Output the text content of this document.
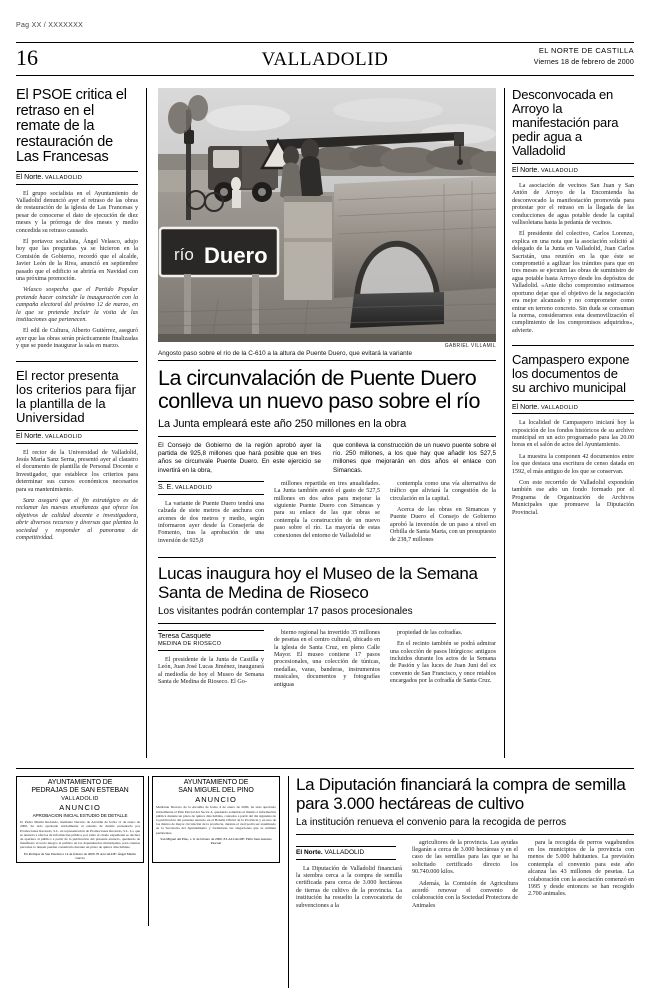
Pag XX / XXXXXXX
16	VALLADOLID	EL NORTE DE CASTILLA
Viernes 18 de febrero de 2000
El PSOE critica el retraso en el remate de la restauración de Las Francesas
El Norte. VALLADOLID

El grupo socialista en el Ayuntamiento de Valladolid denunció ayer el retraso de las obras de restauración de la iglesia de Las Francesas y pesar de conocerse el dato de ejecución de diez meses y la prórroga de dos meses y medio concedida su retraso causado.

El portavoz socialista, Ángel Velasco, adujo hoy que las preguntas ya se hicieron en la Comisión de Gobierno, recordó que el alcalde, Javier León de la Riva, anunció en septiembre pasado que el edificio se abriría en Navidad con una próxima promoción.

Velasco sospecha que el Partido Popular pretende hacer coincidir la inauguración con la campaña electoral del próximo 12 de marzo, en la que se pretende incluir la visita de las instituciones que pertenecen.

El edil de Cultura, Alberto Gutiérrez, aseguró ayer que las obras serán prácticamente finalizadas y que se puede inaugurar la sala en marzo.

El rector presenta los criterios para fijar la plantilla de la Universidad
El Norte. VALLADOLID

El rector de la Universidad de Valladolid, Jesús María Sanz Serna, presentó ayer al claustro el documento de plantilla de Personal Docente e Investigador, que establece los criterios para determinar sus cursos económicos necesarios para su mantenimiento.

Sanz aseguró que el fin estratégico es de reclamar las nuevas enseñanzas que ofrece los objetivos de calidad docente e investigadora, abrir diversos recursos y diversas que plantea la sociedad y responder al panorama de competitividad.

Desconvocada en Arroyo la manifestación para pedir agua a Valladolid
El Norte. VALLADOLID

La asociación de vecinos San Juan y San Antón de Arroyo de la Encomienda ha desconvocado la manifestación promovida para protestar por el retraso en la llegada de las conducciones de agua potable desde la capital vallisoletana hasta la pedanía de vecinos.

El presidente del colectivo, Carlos Lorenzo, explica en una nota que la asociación solicitó al delegado de la Junta en Valladolid, Juan Carlos Sacristán, una reunión en la que éste se comprometió a agilizar los trámites para que en tres meses se ejecuten las obras de suministro de agua potable hasta Arroyo desde los depósitos de Valladolid. «Ante dicho compromiso estimamos oportuno dejar que el objetivo de la negociación era mejor alcanzado y no comprometer como entrar en terreno concreto. Sin duda se consuman la norma, considerarnos esta desmovilización el cumplimiento de los compromisos adquiridos», advierte.

Campaspero expone los documentos de su archivo municipal
El Norte. VALLADOLID

La localidad de Campaspero iniciará hoy la exposición de los fondos históricos de su archivo municipal en un acto programado para las 20.00 horas en el salón de actos del Ayuntamiento.

La muestra la componen 42 documentos entre los que destaca una escritura de censo datada en 1592, el más antiguo de los que se conservan.

Con este recorrido de Valladolid expondrán también ese año un fondo formado por el Programa de Organización de Archivos Municipales que promueve la Diputación Provincial.

río Duero
GABRIEL VILLAMIL
Angosto paso sobre el río de la C-610 a la altura de Puente Duero, que evitará la variante
La circunvalación de Puente Duero conlleva un nuevo paso sobre el río
La Junta empleará este año 250 millones en la obra
El Consejo de Gobierno de la región aprobó ayer la partida de 925,8 millones que hará posible que en tres años se circunvale Puente Duero. En este ejercicio se invertirá en la obra,
que conlleva la construcción de un nuevo puente sobre el río. 250 millones, a los que hay que añadir los 527,5 millones que mejorarán en dos años el enlace con Simancas.
S. E. VALLADOLID

La variante de Puente Duero tendrá una calzada de siete metros de anchura con arcenes de dos metros y medio, según informaron ayer desde la Consejería de Fomento, tras la aprobación de una inversión de 925,8

millones repartida en tres anualidades. La Junta también anotó el gasto de 527,5 millones en dos años para mejorar la siguiente Puente Duero con Simancas y para su enlace de las que obras se contempla la construcción de un nuevo paso sobre el río. La mayoría de estas conexiones del entorno de Valladolid se

contempla como una vía alternativa de tráfico que aliviará la congestión de la circulación en la capital.

Acerca de las obras en Simancas y Puente Duero el Consejo de Gobierno aprobó la inversión de un paso a nivel en Orbilla de Santa Marta, con un presupuesto de 238,7 millones

Lucas inaugura hoy el Museo de la Semana Santa de Medina de Rioseco
Los visitantes podrán contemplar 17 pasos procesionales
Teresa Casquete
MEDINA DE RIOSECO

El presidente de la Junta de Castilla y León, Juan José Lucas Jiménez, inaugurará al mediodía de hoy el Museo de Semana Santa de Medina de Rioseco. El Go-

bierno regional ha invertido 35 millones de pesetas en el centro cultural, ubicado en la iglesia de Santa Cruz, en pleno Calle Mayor. El museo contiene 17 pasos procesionales, una colección de túnicas, medallas, varas, banderas, instrumentos musicales, documentos y fotografías antiguas

propiedad de las cofradías.

En el recinto también se podrá admirar una colección de pasos litúrgicos: antiguos incluidos durante los actos de la Semana de Pasión y las luces de Juan Juni del ex convento de San Francisco, y once retablos encargados por la cofradía de Santa Cruz.

AYUNTAMIENTO DE
PEDRAJAS DE SAN ESTEBAN
VALLADOLID
ANUNCIO
APROBACION INICIAL ESTUDIO DE DETALLE

D. Pedro Martín Redondo, mediante Decreto de Alcaldía de fecha 11 de enero de 2000, ha sido aprobado inicialmente el estudio de detalle presentado por Promociones Recaudo, S.L. en representación de Promociones Recaudo, S.L. Lo que se anuncia a efectos de información pública, por tanto el citado expediente se declara de apertura al público a partir de la publicación del presente anuncio, quedando de manifiesto el texto íntegro al público en las dependencias municipales, para cuantas personas lo deseen puedan consultarlo durante un plazo de quince días hábiles.

En Pedrajas de San Esteban a 14 de febrero de 2000. El ALCALDE: Ángel Martín García
AYUNTAMIENTO DE
SAN MIGUEL DEL PINO
ANUNCIO

Mediante Decreto de la Alcaldía de fecha 4 de enero de 2000, ha sido aprobado inicialmente el Plan Parcial del Sector 4, quedando sometido el mismo a información pública durante un plazo de quince días hábiles, contados a partir del día siguiente de la publicación del presente anuncio en el Boletín Oficial de la Provincia y en uno de los diarios de mayor circulación de la provincia, durante el cual podrá ser examinado en la Secretaría del Ayuntamiento y formularse las alegaciones que se estimen pertinentes.

San Miguel del Pino, a 11 de febrero de 2000. EL ALCALDE: Félix Juan Antonio Pascual
La Diputación financiará la compra de semilla para 3.000 hectáreas de cultivo
La institución renueva el convenio para la recogida de perros
El Norte. VALLADOLID

La Diputación de Valladolid financiará la siembra cerca a la compra de semilla certificada para cerca de 3.000 hectáreas de tierras de cultivo de la provincia. La institución ha resuelto la convocatoria de subvenciones a la

agricultores de la provincia. Las ayudas llegarán a cerca de 3.000 hectáreas y en el caso de las semillas para las que se ha solicitado certificado directo los 90.740.000 kilos.

Además, la Comisión de Agricultura acordó renovar el convenio de colaboración con la Sociedad Protectora de Animales

para la recogida de perros vagabundos en los municipios de la provincia con menos de 5.000 habitantes. La previsión contempla el convenio para este año alcanza las 43 millones de pesetas. La colaboración con la asociación comenzó en 1995 y desde entonces se han recogido 2.700 animales.
